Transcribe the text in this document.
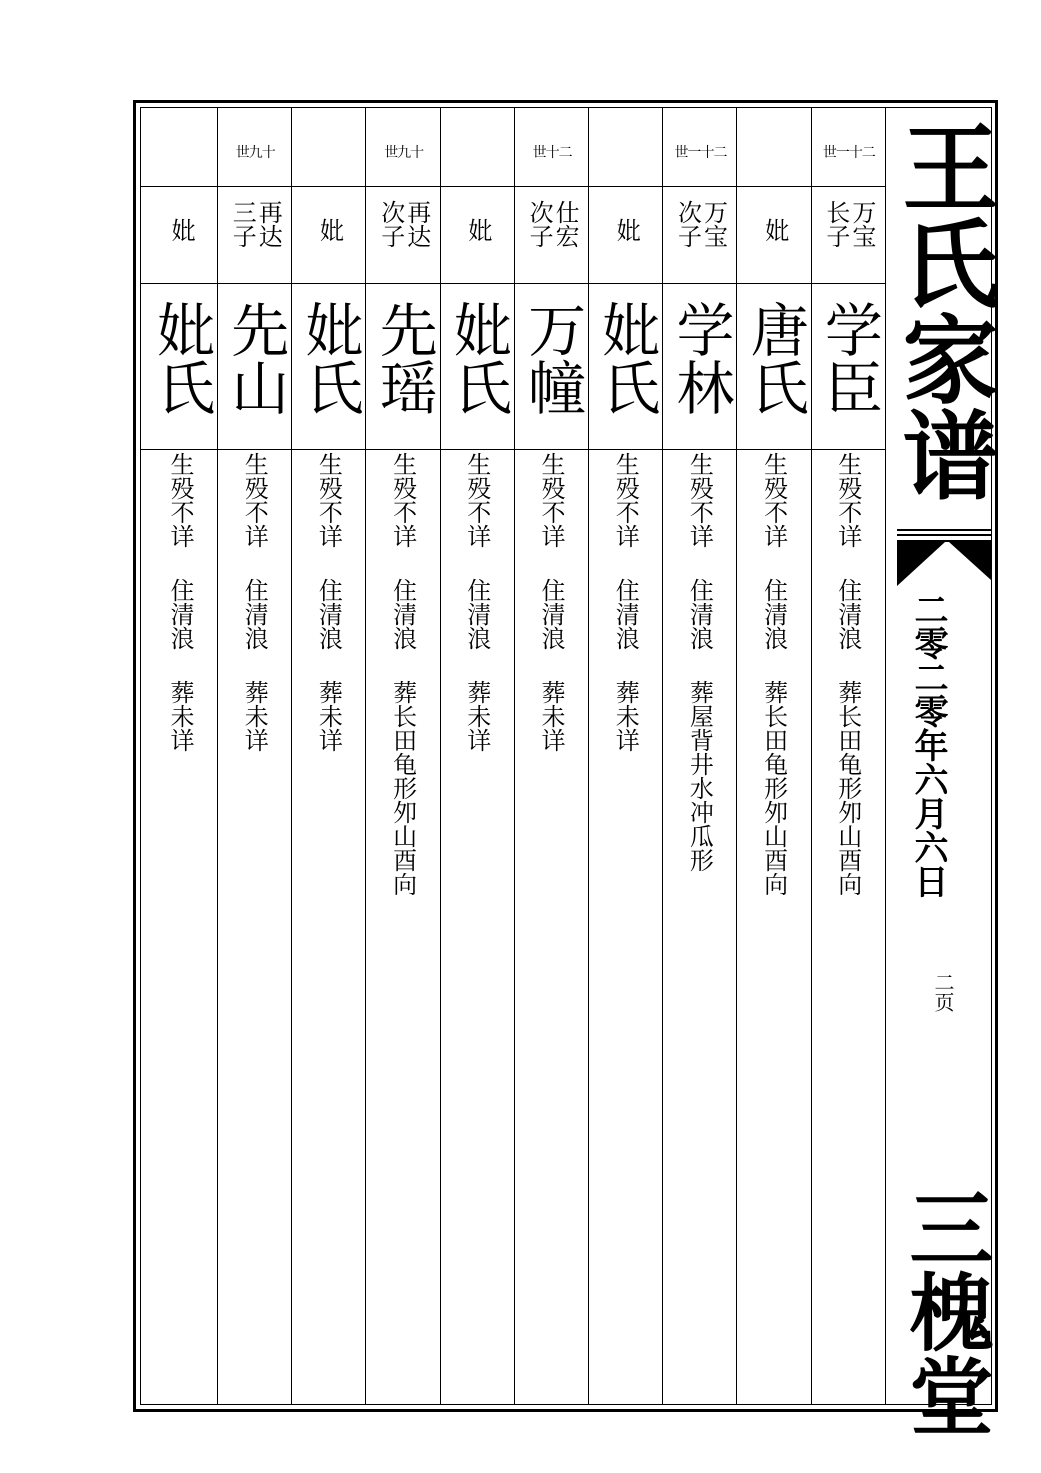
王氏家谱
二零二零年六月六日
二页
三槐堂
世一十二
万宝
长子
学臣
生殁不详
住清浪
葬长田龟形夘山酉向
妣
唐氏
生殁不详
住清浪
葬长田龟形夘山酉向
世一十二
万宝
次子
学林
生殁不详
住清浪
葬屋背井水冲瓜形
妣
妣氏
生殁不详
住清浪
葬未详
世十二
仕宏
次子
万幢
生殁不详
住清浪
葬未详
妣
妣氏
生殁不详
住清浪
葬未详
世九十
再达
次子
先瑶
生殁不详
住清浪
葬长田龟形夘山酉向
妣
妣氏
生殁不详
住清浪
葬未详
世九十
再达
三子
先山
生殁不详
住清浪
葬未详
妣
妣氏
生殁不详
住清浪
葬未详
